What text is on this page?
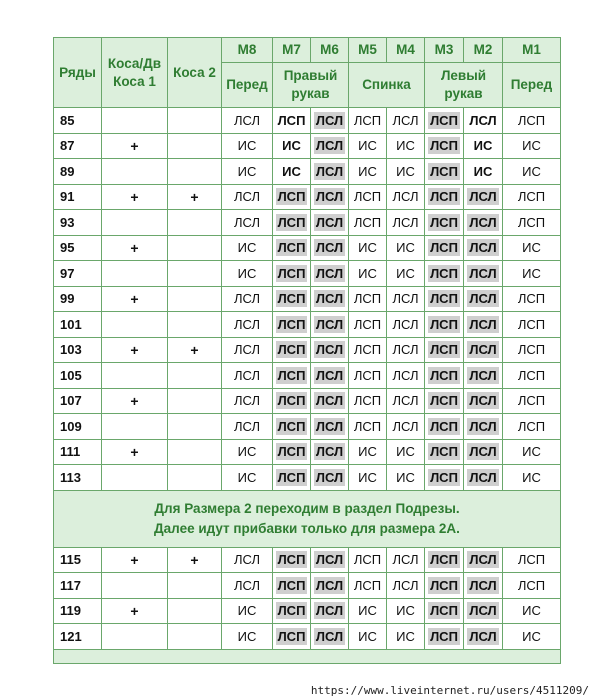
Ряды	Коса/Дв Коса 1	Коса 2	М8	М7	М6	М5	М4	М3	М2	М1
			Перед	Правый рукав		Спинка		Левый рукав		Перед
85			ЛСЛ	ЛСП	ЛСЛ	ЛСП	ЛСЛ	ЛСП	ЛСЛ	ЛСП
87	+		ИС	ИС	ЛСЛ	ИС	ИС	ЛСП	ИС	ИС
89			ИС	ИС	ЛСЛ	ИС	ИС	ЛСП	ИС	ИС
91	+	+	ЛСЛ	ЛСП	ЛСЛ	ЛСП	ЛСЛ	ЛСП	ЛСЛ	ЛСП
93			ЛСЛ	ЛСП	ЛСЛ	ЛСП	ЛСЛ	ЛСП	ЛСЛ	ЛСП
95	+		ИС	ЛСП	ЛСЛ	ИС	ИС	ЛСП	ЛСЛ	ИС
97			ИС	ЛСП	ЛСЛ	ИС	ИС	ЛСП	ЛСЛ	ИС
99	+		ЛСЛ	ЛСП	ЛСЛ	ЛСП	ЛСЛ	ЛСП	ЛСЛ	ЛСП
101			ЛСЛ	ЛСП	ЛСЛ	ЛСП	ЛСЛ	ЛСП	ЛСЛ	ЛСП
103	+	+	ЛСЛ	ЛСП	ЛСЛ	ЛСП	ЛСЛ	ЛСП	ЛСЛ	ЛСП
105			ЛСЛ	ЛСП	ЛСЛ	ЛСП	ЛСЛ	ЛСП	ЛСЛ	ЛСП
107	+		ЛСЛ	ЛСП	ЛСЛ	ЛСП	ЛСЛ	ЛСП	ЛСЛ	ЛСП
109			ЛСЛ	ЛСП	ЛСЛ	ЛСП	ЛСЛ	ЛСП	ЛСЛ	ЛСП
111	+		ИС	ЛСП	ЛСЛ	ИС	ИС	ЛСП	ЛСЛ	ИС
113			ИС	ЛСП	ЛСЛ	ИС	ИС	ЛСП	ЛСЛ	ИС

Для Размера 2 переходим в раздел Подрезы.
Далее идут прибавки только для размера 2А.										

115	+	+	ЛСЛ	ЛСП	ЛСЛ	ЛСП	ЛСЛ	ЛСП	ЛСЛ	ЛСП
117			ЛСЛ	ЛСП	ЛСЛ	ЛСП	ЛСЛ	ЛСП	ЛСЛ	ЛСП
119	+		ИС	ЛСП	ЛСЛ	ИС	ИС	ЛСП	ЛСЛ	ИС
121			ИС	ЛСП	ЛСЛ	ИС	ИС	ЛСП	ЛСЛ	ИС

https://www.liveinternet.ru/users/4511209/
